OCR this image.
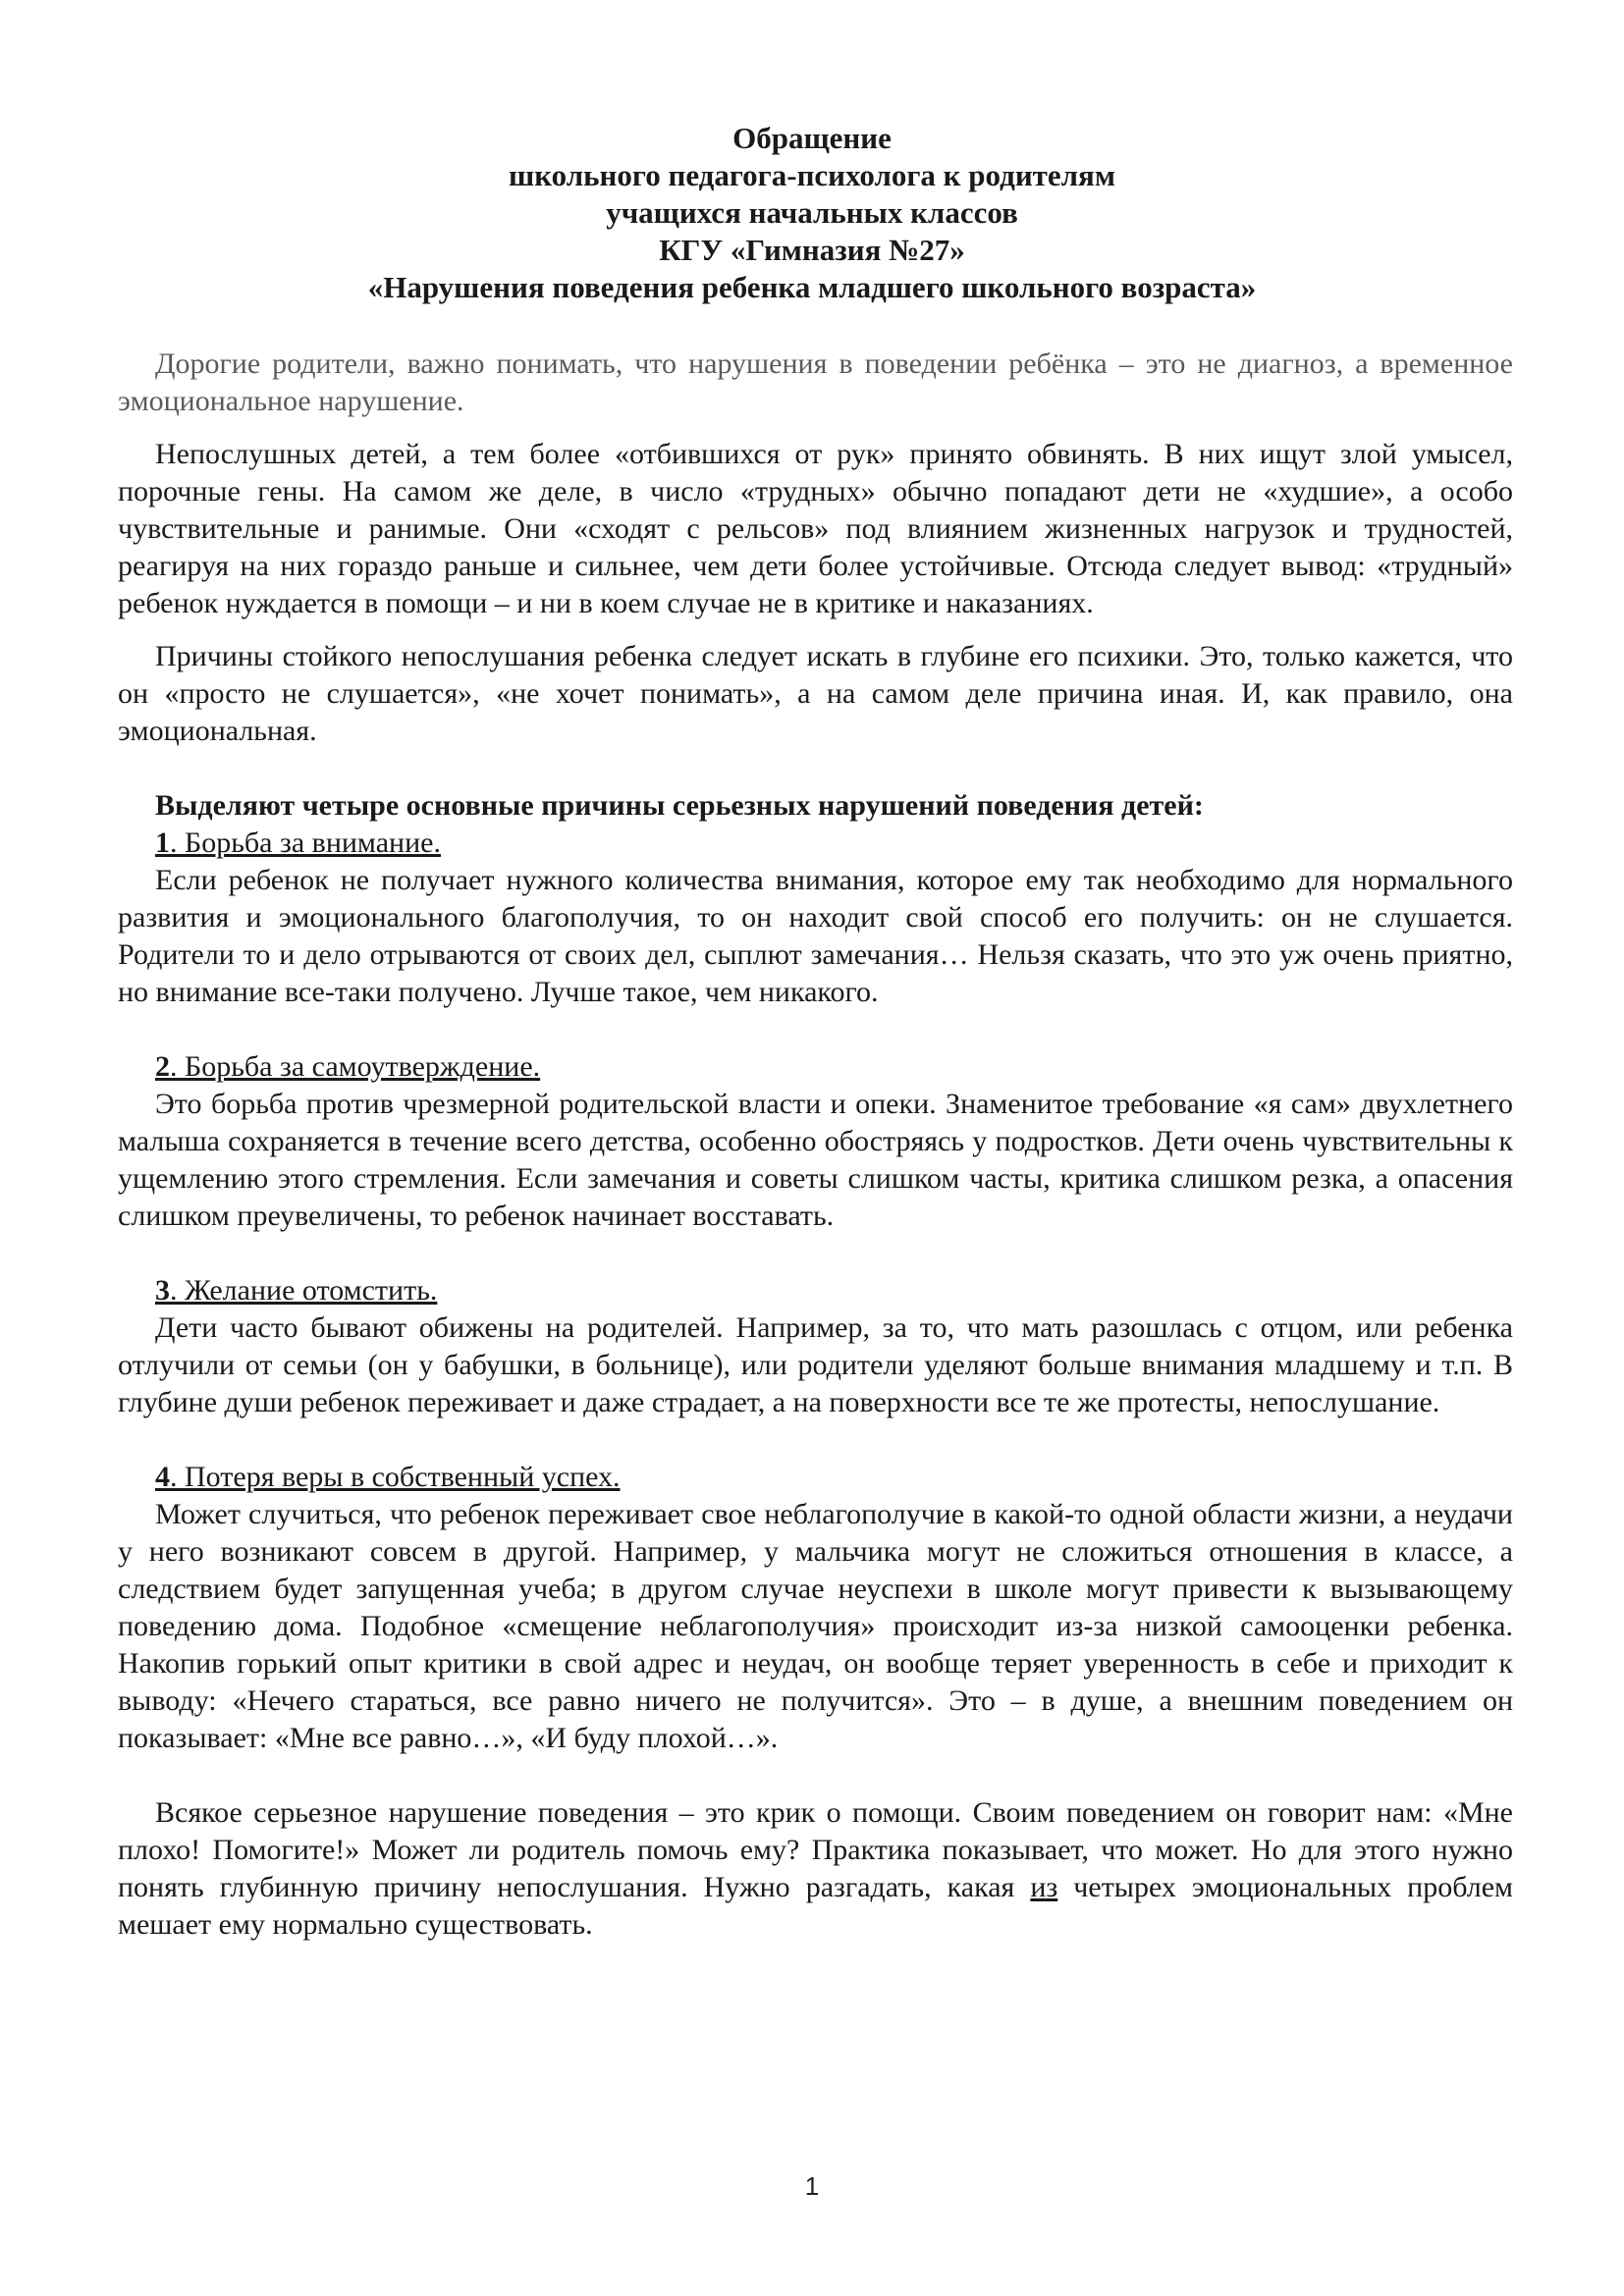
Обращение
школьного педагога-психолога к родителям
учащихся начальных классов
КГУ «Гимназия №27»
«Нарушения поведения ребенка младшего школьного возраста»

Дорогие родители, важно понимать, что нарушения в поведении ребёнка – это не диагноз, а временное эмоциональное нарушение.

Непослушных детей, а тем более «отбившихся от рук» принято обвинять. В них ищут злой умысел, порочные гены. На самом же деле, в число «трудных» обычно попадают дети не «худшие», а особо чувствительные и ранимые. Они «сходят с рельсов» под влиянием жизненных нагрузок и трудностей, реагируя на них гораздо раньше и сильнее, чем дети более устойчивые. Отсюда следует вывод: «трудный» ребенок нуждается в помощи – и ни в коем случае не в критике и наказаниях.

Причины стойкого непослушания ребенка следует искать в глубине его психики. Это, только кажется, что он «просто не слушается», «не хочет понимать», а на самом деле причина иная. И, как правило, она эмоциональная.

Выделяют четыре основные причины серьезных нарушений поведения детей:

1. Борьба за внимание.

Если ребенок не получает нужного количества внимания, которое ему так необходимо для нормального развития и эмоционального благополучия, то он находит свой способ его получить: он не слушается. Родители то и дело отрываются от своих дел, сыплют замечания… Нельзя сказать, что это уж очень приятно, но внимание все-таки получено. Лучше такое, чем никакого.

2. Борьба за самоутверждение.

Это борьба против чрезмерной родительской власти и опеки. Знаменитое требование «я сам» двухлетнего малыша сохраняется в течение всего детства, особенно обостряясь у подростков. Дети очень чувствительны к ущемлению этого стремления. Если замечания и советы слишком часты, критика слишком резка, а опасения слишком преувеличены, то ребенок начинает восставать.

3. Желание отомстить.

Дети часто бывают обижены на родителей. Например, за то, что мать разошлась с отцом, или ребенка отлучили от семьи (он у бабушки, в больнице), или родители уделяют больше внимания младшему и т.п. В глубине души ребенок переживает и даже страдает, а на поверхности все те же протесты, непослушание.

4. Потеря веры в собственный успех.

Может случиться, что ребенок переживает свое неблагополучие в какой-то одной области жизни, а неудачи у него возникают совсем в другой. Например, у мальчика могут не сложиться отношения в классе, а следствием будет запущенная учеба; в другом случае неуспехи в школе могут привести к вызывающему поведению дома. Подобное «смещение неблагополучия» происходит из-за низкой самооценки ребенка. Накопив горький опыт критики в свой адрес и неудач, он вообще теряет уверенность в себе и приходит к выводу: «Нечего стараться, все равно ничего не получится». Это – в душе, а внешним поведением он показывает: «Мне все равно…», «И буду плохой…».

Всякое серьезное нарушение поведения – это крик о помощи. Своим поведением он говорит нам: «Мне плохо! Помогите!» Может ли родитель помочь ему? Практика показывает, что может. Но для этого нужно понять глубинную причину непослушания. Нужно разгадать, какая из четырех эмоциональных проблем мешает ему нормально существовать.

1
